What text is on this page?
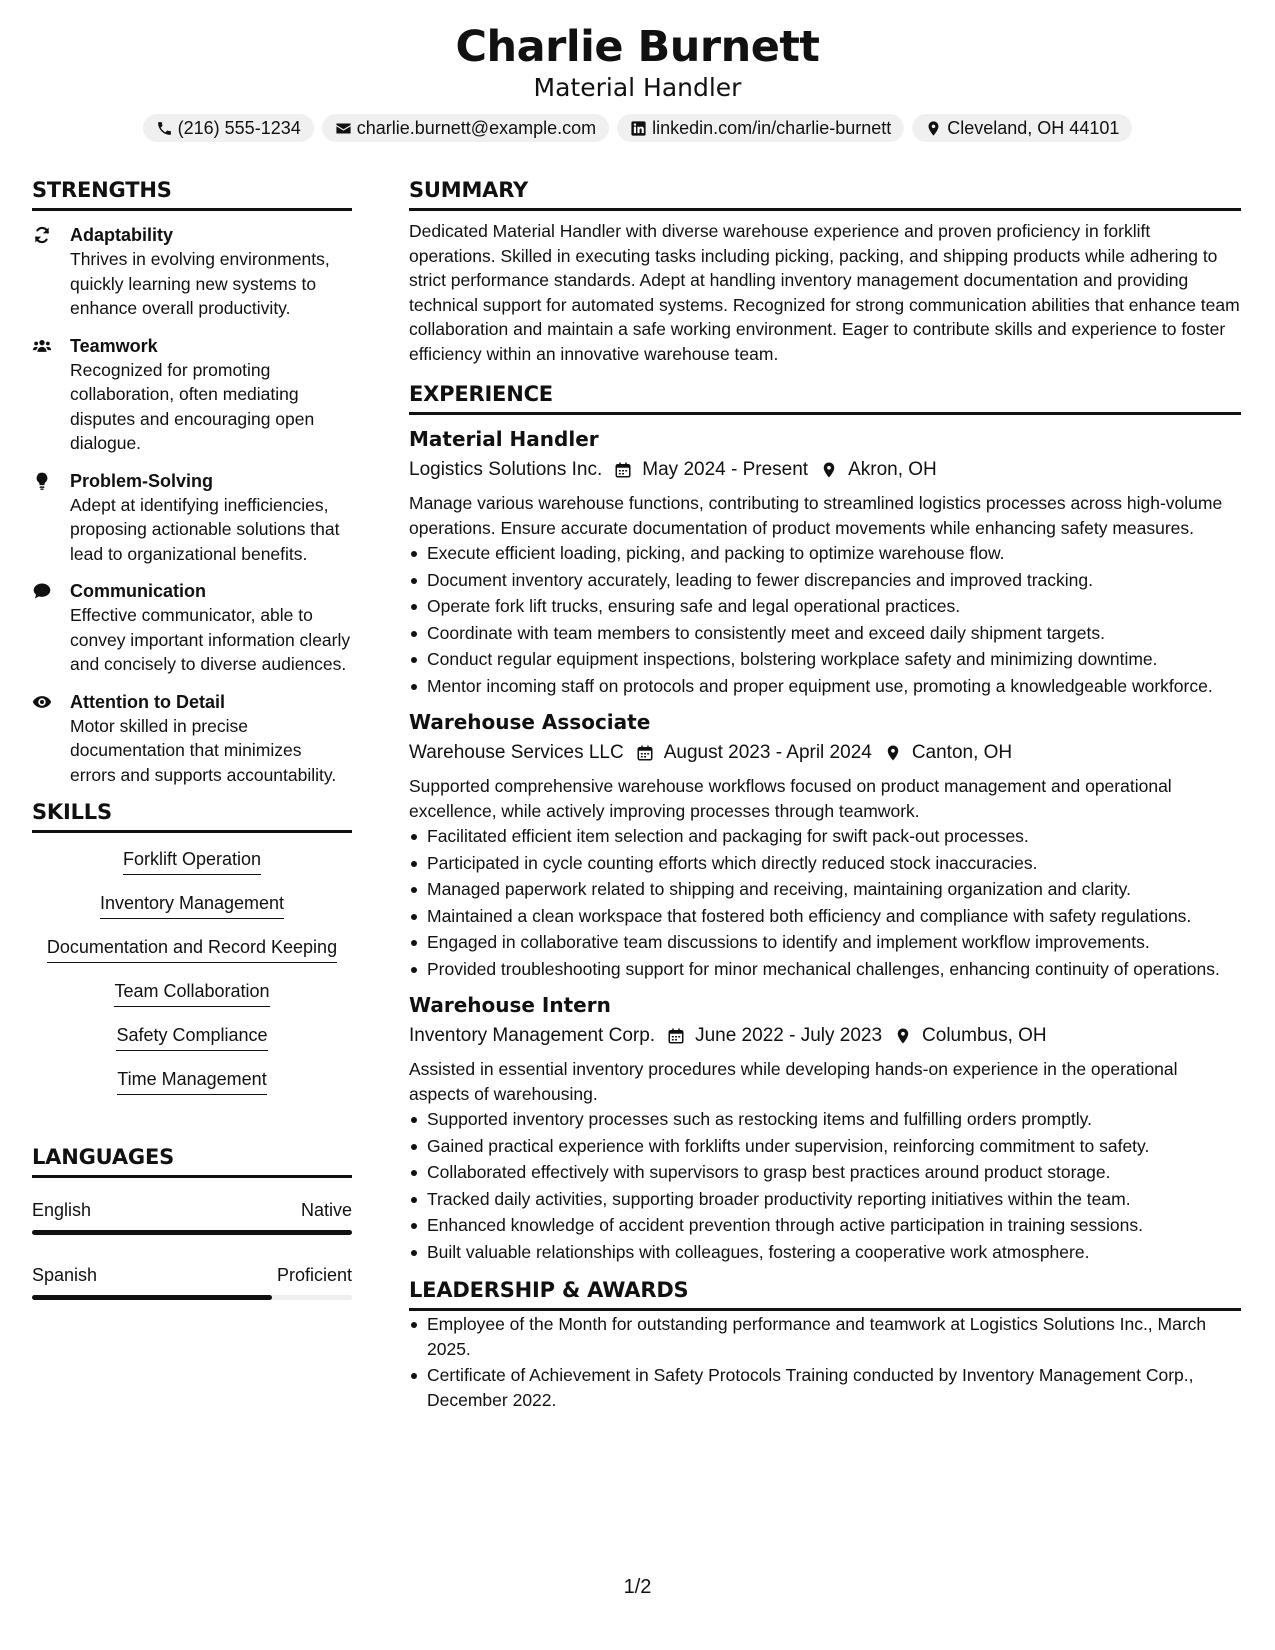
Charlie Burnett
Material Handler
(216) 555-1234	charlie.burnett@example.com	linkedin.com/in/charlie-burnett	Cleveland, OH 44101
STRENGTHS
Adaptability
Thrives in evolving environments, quickly learning new systems to enhance overall productivity.
Teamwork
Recognized for promoting collaboration, often mediating disputes and encouraging open dialogue.
Problem-Solving
Adept at identifying inefficiencies, proposing actionable solutions that lead to organizational benefits.
Communication
Effective communicator, able to convey important information clearly and concisely to diverse audiences.
Attention to Detail
Motor skilled in precise documentation that minimizes errors and supports accountability.
SKILLS
Forklift Operation
Inventory Management
Documentation and Record Keeping
Team Collaboration
Safety Compliance
Time Management
LANGUAGES
English	Native
Spanish	Proficient
SUMMARY
Dedicated Material Handler with diverse warehouse experience and proven proficiency in forklift operations. Skilled in executing tasks including picking, packing, and shipping products while adhering to strict performance standards. Adept at handling inventory management documentation and providing technical support for automated systems. Recognized for strong communication abilities that enhance team collaboration and maintain a safe working environment. Eager to contribute skills and experience to foster efficiency within an innovative warehouse team.
EXPERIENCE
Material Handler
Logistics Solutions Inc. May 2024 - Present Akron, OH
Manage various warehouse functions, contributing to streamlined logistics processes across high-volume operations. Ensure accurate documentation of product movements while enhancing safety measures.
Execute efficient loading, picking, and packing to optimize warehouse flow.
Document inventory accurately, leading to fewer discrepancies and improved tracking.
Operate fork lift trucks, ensuring safe and legal operational practices.
Coordinate with team members to consistently meet and exceed daily shipment targets.
Conduct regular equipment inspections, bolstering workplace safety and minimizing downtime.
Mentor incoming staff on protocols and proper equipment use, promoting a knowledgeable workforce.
Warehouse Associate
Warehouse Services LLC August 2023 - April 2024 Canton, OH
Supported comprehensive warehouse workflows focused on product management and operational excellence, while actively improving processes through teamwork.
Facilitated efficient item selection and packaging for swift pack-out processes.
Participated in cycle counting efforts which directly reduced stock inaccuracies.
Managed paperwork related to shipping and receiving, maintaining organization and clarity.
Maintained a clean workspace that fostered both efficiency and compliance with safety regulations.
Engaged in collaborative team discussions to identify and implement workflow improvements.
Provided troubleshooting support for minor mechanical challenges, enhancing continuity of operations.
Warehouse Intern
Inventory Management Corp. June 2022 - July 2023 Columbus, OH
Assisted in essential inventory procedures while developing hands-on experience in the operational aspects of warehousing.
Supported inventory processes such as restocking items and fulfilling orders promptly.
Gained practical experience with forklifts under supervision, reinforcing commitment to safety.
Collaborated effectively with supervisors to grasp best practices around product storage.
Tracked daily activities, supporting broader productivity reporting initiatives within the team.
Enhanced knowledge of accident prevention through active participation in training sessions.
Built valuable relationships with colleagues, fostering a cooperative work atmosphere.
LEADERSHIP & AWARDS
Employee of the Month for outstanding performance and teamwork at Logistics Solutions Inc., March 2025.
Certificate of Achievement in Safety Protocols Training conducted by Inventory Management Corp., December 2022.
1/2
